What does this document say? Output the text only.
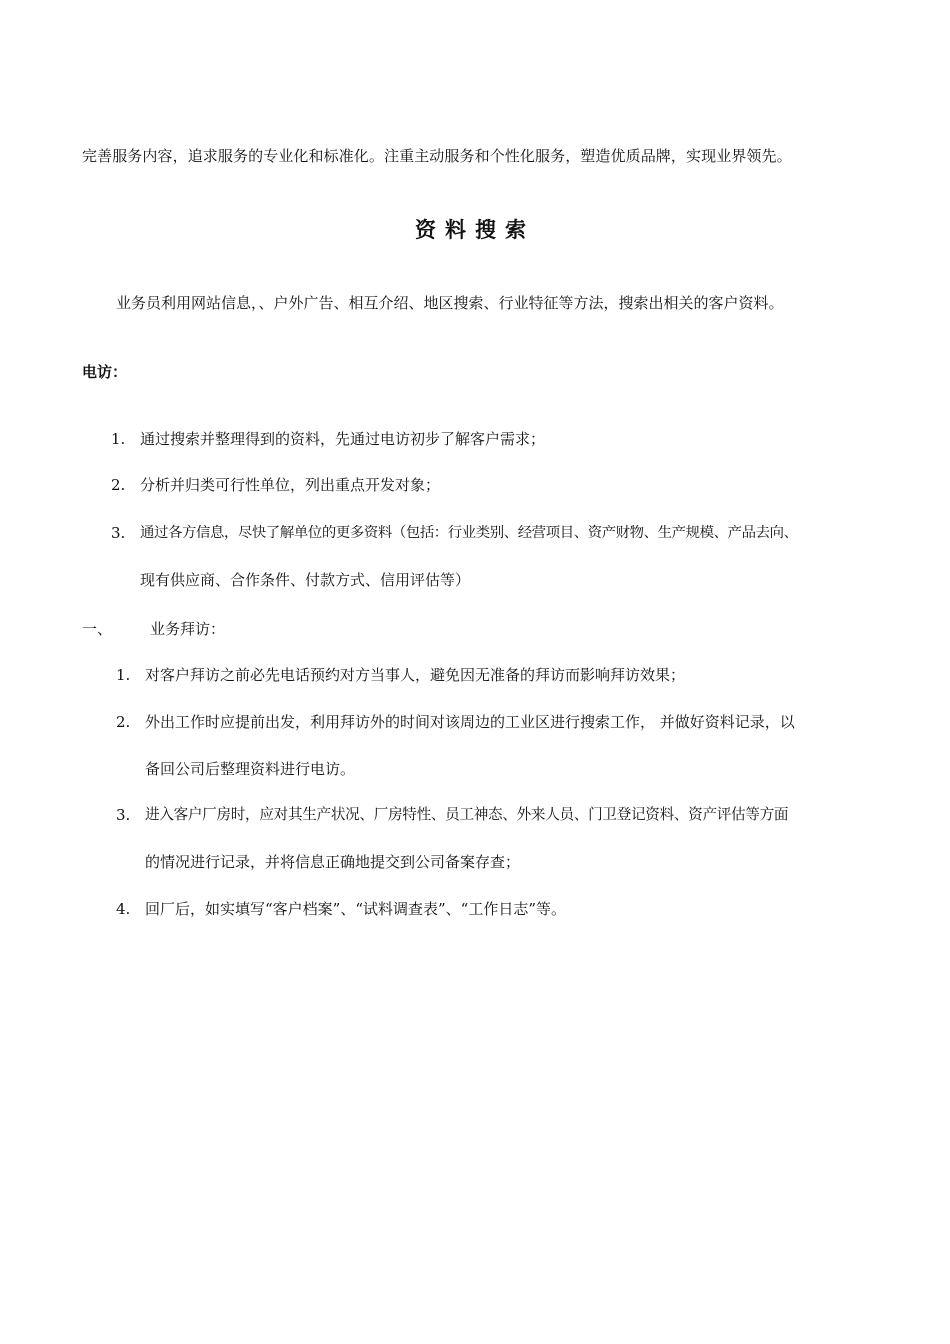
完善服务内容，追求服务的专业化和标准化。注重主动服务和个性化服务，塑造优质品牌，实现业界领先。
资料搜索
业务员利用网站信息，、户外广告、相互介绍、地区搜索、行业特征等方法，搜索出相关的客户资料。
电访：
1. 通过搜索并整理得到的资料，先通过电访初步了解客户需求；
2. 分析并归类可行性单位，列出重点开发对象；
3. 通过各方信息，尽快了解单位的更多资料（包括：行业类别、经营项目、资产财物、生产规模、产品去向、
现有供应商、合作条件、付款方式、信用评估等）
一、	业务拜访：
1. 对客户拜访之前必先电话预约对方当事人，避免因无准备的拜访而影响拜访效果；
2. 外出工作时应提前出发，利用拜访外的时间对该周边的工业区进行搜索工作， 并做好资料记录，以
备回公司后整理资料进行电访。
3. 进入客户厂房时，应对其生产状况、厂房特性、员工神态、外来人员、门卫登记资料、资产评估等方面
的情况进行记录，并将信息正确地提交到公司备案存查；
4. 回厂后，如实填写“客户档案”、“试料调查表”、“工作日志”等。
